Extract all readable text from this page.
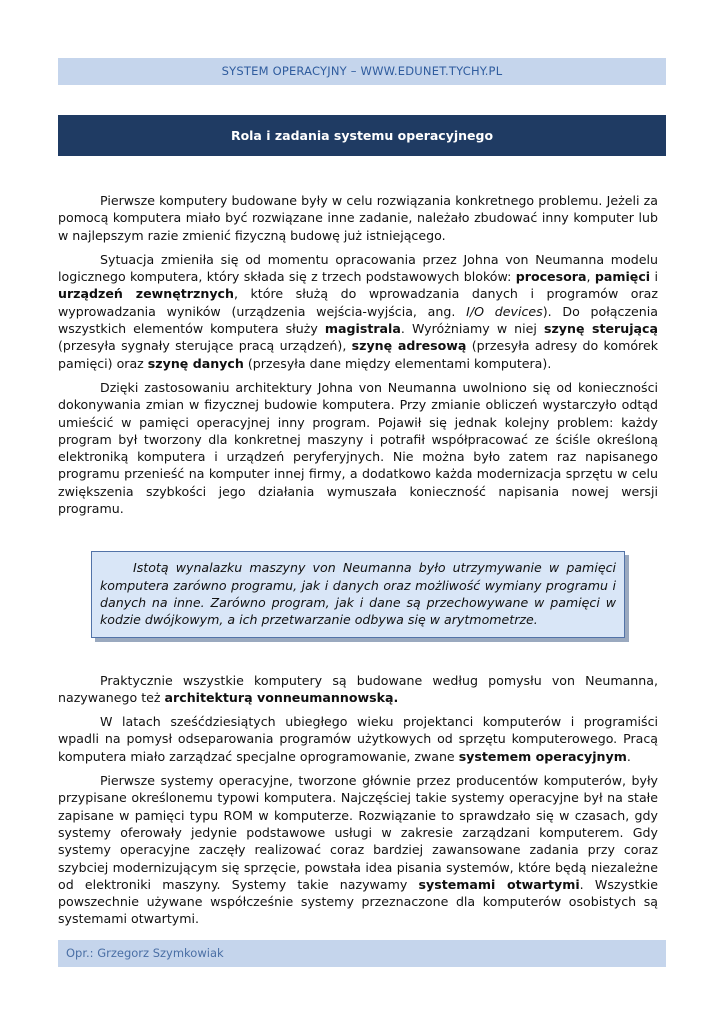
SYSTEM OPERACYJNY – WWW.EDUNET.TYCHY.PL
Rola i zadania systemu operacyjnego

Pierwsze komputery budowane były w celu rozwiązania konkretnego problemu. Jeżeli za pomocą komputera miało być rozwiązane inne zadanie, należało zbudować inny komputer lub w najlepszym razie zmienić fizyczną budowę już istniejącego.

Sytuacja zmieniła się od momentu opracowania przez Johna von Neumanna modelu logicznego komputera, który składa się z trzech podstawowych bloków: procesora, pamięci i urządzeń zewnętrznych, które służą do wprowadzania danych i programów oraz wyprowadzania wyników (urządzenia wejścia-wyjścia, ang. I/O devices). Do połączenia wszystkich elementów komputera służy magistrala. Wyróżniamy w niej szynę sterującą (przesyła sygnały sterujące pracą urządzeń), szynę adresową (przesyła adresy do komórek pamięci) oraz szynę danych (przesyła dane między elementami komputera).

Dzięki zastosowaniu architektury Johna von Neumanna uwolniono się od konieczności dokonywania zmian w fizycznej budowie komputera. Przy zmianie obliczeń wystarczyło odtąd umieścić w pamięci operacyjnej inny program. Pojawił się jednak kolejny problem: każdy program był tworzony dla konkretnej maszyny i potrafił współpracować ze ściśle określoną elektroniką komputera i urządzeń peryferyjnych. Nie można było zatem raz napisanego programu przenieść na komputer innej firmy, a dodatkowo każda modernizacja sprzętu w celu zwiększenia szybkości jego działania wymuszała konieczność napisania nowej wersji programu.

Istotą wynalazku maszyny von Neumanna było utrzymywanie w pamięci komputera zarówno programu, jak i danych oraz możliwość wymiany programu i danych na inne. Zarówno program, jak i dane są przechowywane w pamięci w kodzie dwójkowym, a ich przetwarzanie odbywa się w arytmometrze.

Praktycznie wszystkie komputery są budowane według pomysłu von Neumanna, nazywanego też architekturą vonneumannowską.

W latach sześćdziesiątych ubiegłego wieku projektanci komputerów i programiści wpadli na pomysł odseparowania programów użytkowych od sprzętu komputerowego. Pracą komputera miało zarządzać specjalne oprogramowanie, zwane systemem operacyjnym.

Pierwsze systemy operacyjne, tworzone głównie przez producentów komputerów, były przypisane określonemu typowi komputera. Najczęściej takie systemy operacyjne był na stałe zapisane w pamięci typu ROM w komputerze. Rozwiązanie to sprawdzało się w czasach, gdy systemy oferowały jedynie podstawowe usługi w zakresie zarządzani komputerem. Gdy systemy operacyjne zaczęły realizować coraz bardziej zawansowane zadania przy coraz szybciej modernizującym się sprzęcie, powstała idea pisania systemów, które będą niezależne od elektroniki maszyny. Systemy takie nazywamy systemami otwartymi. Wszystkie powszechnie używane współcześnie systemy przeznaczone dla komputerów osobistych są systemami otwartymi.

Opr.: Grzegorz Szymkowiak
